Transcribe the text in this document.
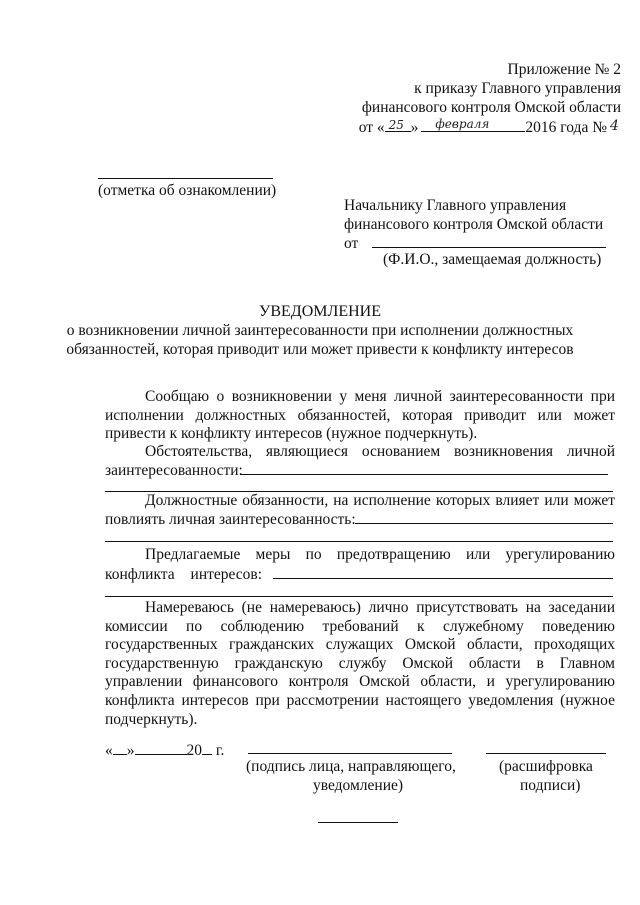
Приложение № 2
к приказу Главного управления
финансового контроля Омской области
от « 25 » февраля 2016 года № 4
(отметка об ознакомлении)
Начальнику Главного управления
финансового контроля Омской области
от
(Ф.И.О., замещаемая должность)
УВЕДОМЛЕНИЕ
о возникновении личной заинтересованности при исполнении должностных
обязанностей, которая приводит или может привести к конфликту интересов

Сообщаю о возникновении у меня личной заинтересованности при

исполнении должностных обязанностей, которая приводит или может

привести к конфликту интересов (нужное подчеркнуть).

Обстоятельства, являющиеся основанием возникновения личной

заинтересованности:

Должностные обязанности, на исполнение которых влияет или может

повлиять личная заинтересованность:

Предлагаемые меры по предотвращению или урегулированию

конфликта интересов:

Намереваюсь (не намереваюсь) лично присутствовать на заседании

комиссии по соблюдению требований к служебному поведению

государственных гражданских служащих Омской области, проходящих

государственную гражданскую службу Омской области в Главном

управлении финансового контроля Омской области, и урегулированию

конфликта интересов при рассмотрении настоящего уведомления (нужное

подчеркнуть).

« »	20 г.
(подпись лица, направляющего,
уведомление)
(расшифровка
подписи)
